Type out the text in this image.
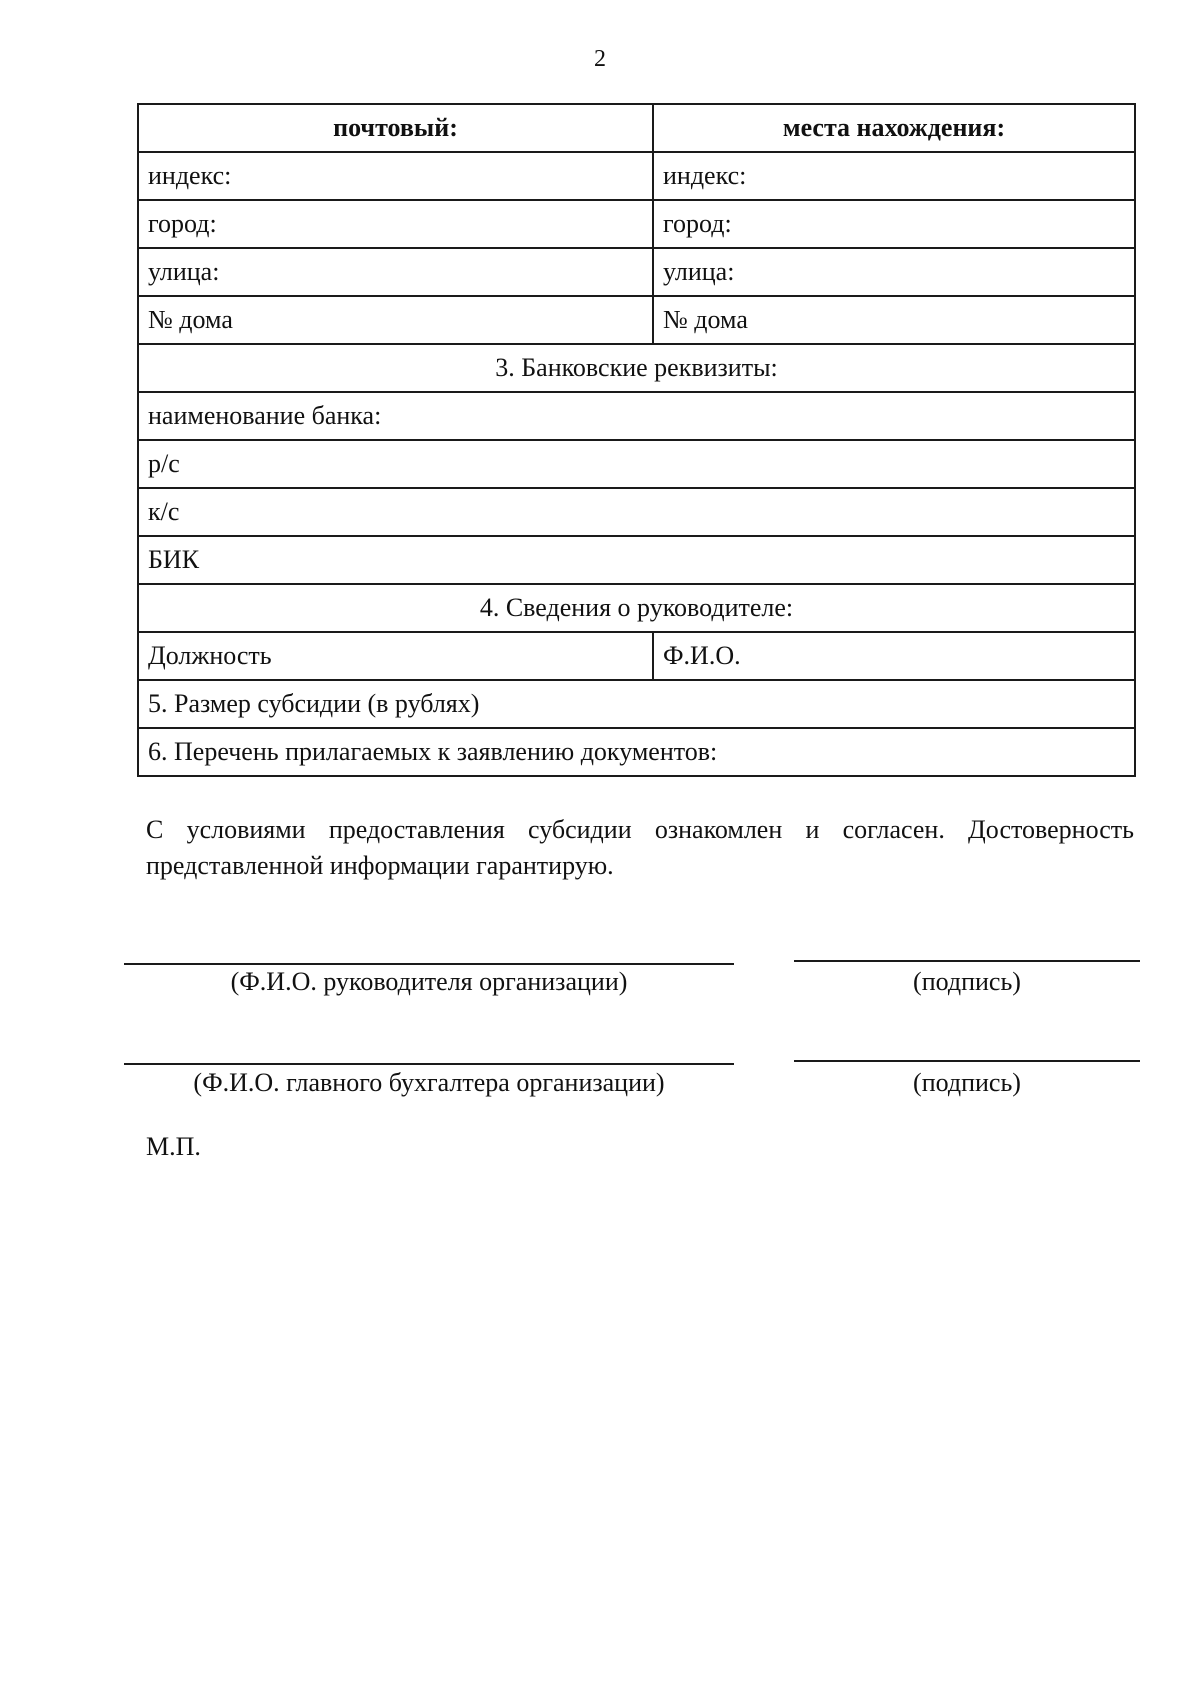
2
почтовый:	места нахождения:
индекс:	индекс:
город:	город:
улица:	улица:
№ дома	№ дома
3. Банковские реквизиты:	
наименование банка:	
р/с	
к/с	
БИК	
4. Сведения о руководителе:	
Должность	Ф.И.О.
5. Размер субсидии (в рублях)	
6. Перечень прилагаемых к заявлению документов:	
С условиями предоставления субсидии ознакомлен и согласен. Достоверность представленной информации гарантирую.
(Ф.И.О. руководителя организации)	(подпись)
(Ф.И.О. главного бухгалтера организации)	(подпись)
М.П.
